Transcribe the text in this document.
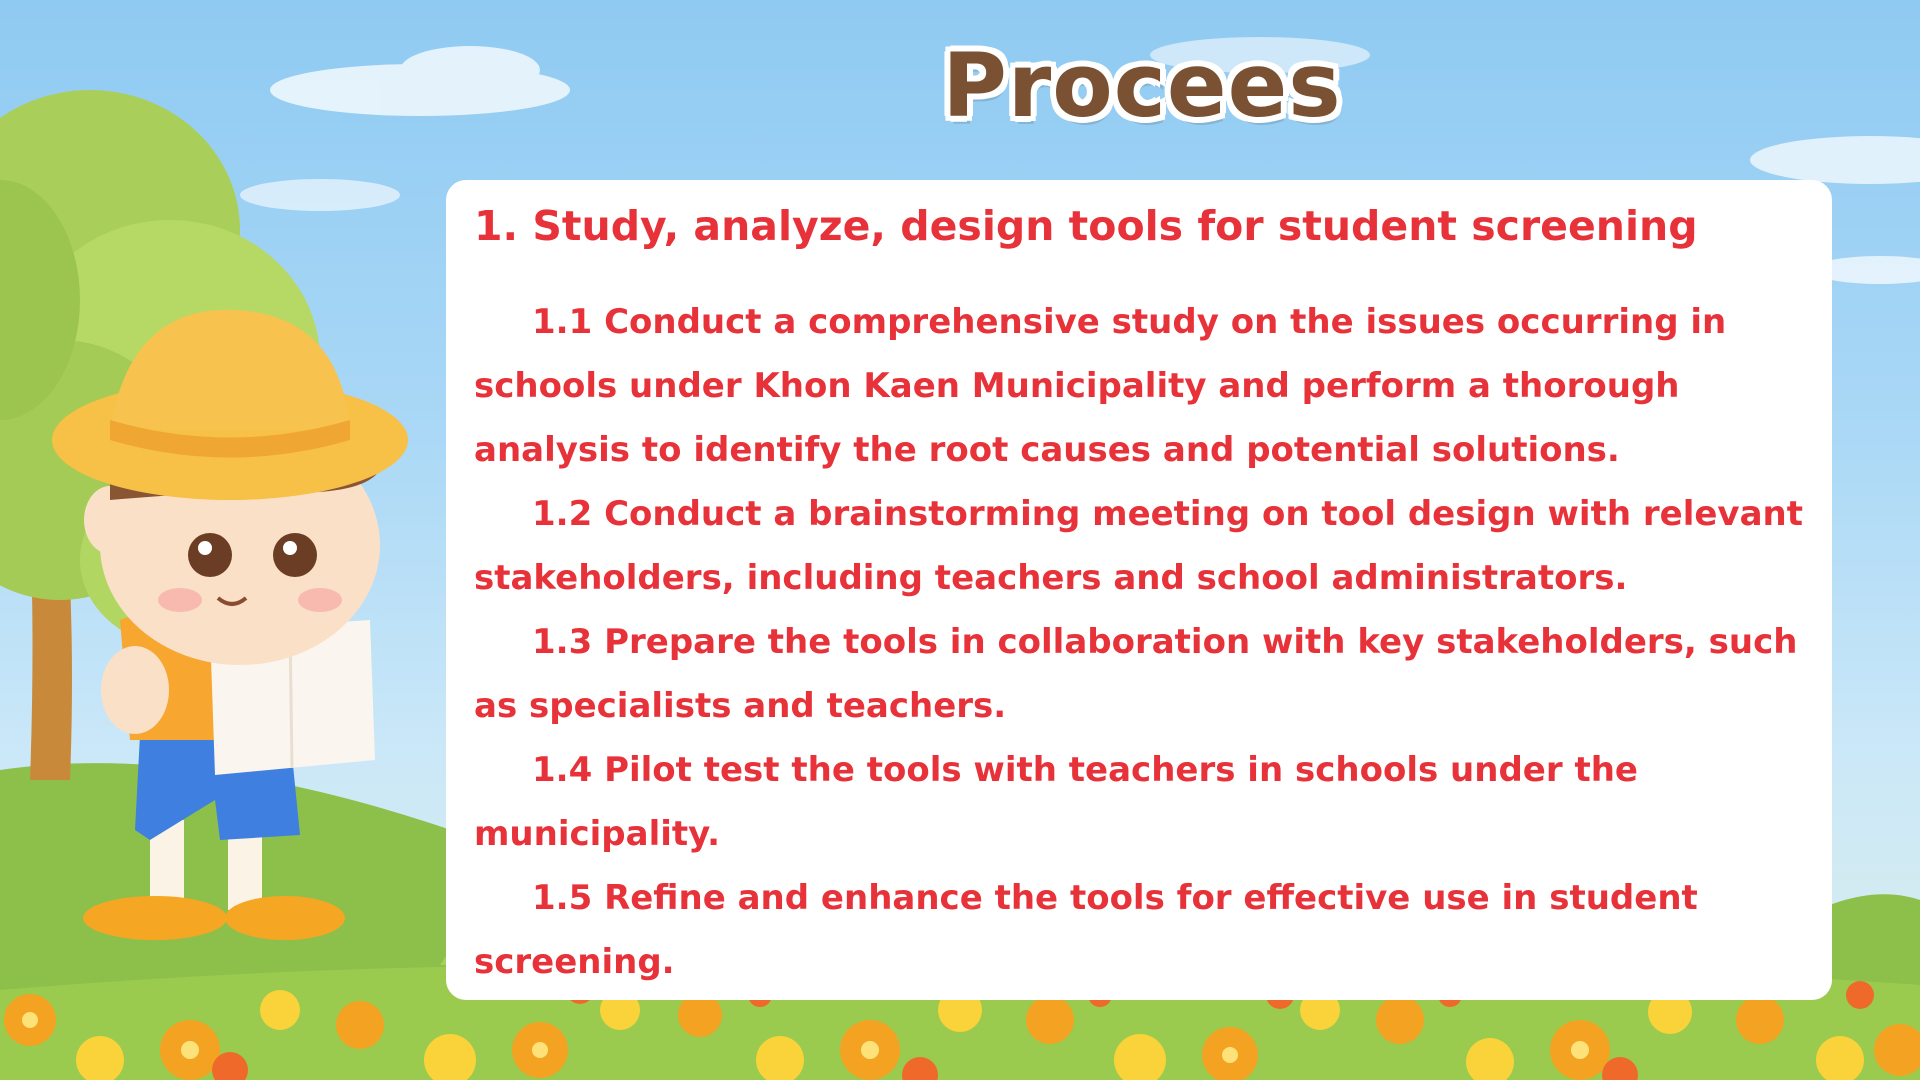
Procees
1. Study, analyze, design tools for student screening
1.1 Conduct a comprehensive study on the issues occurring in
schools under Khon Kaen Municipality and perform a thorough
analysis to identify the root causes and potential solutions.
1.2 Conduct a brainstorming meeting on tool design with relevant
stakeholders, including teachers and school administrators.
1.3 Prepare the tools in collaboration with key stakeholders, such
as specialists and teachers.
1.4 Pilot test the tools with teachers in schools under the
municipality.
1.5 Refine and enhance the tools for effective use in student
screening.
